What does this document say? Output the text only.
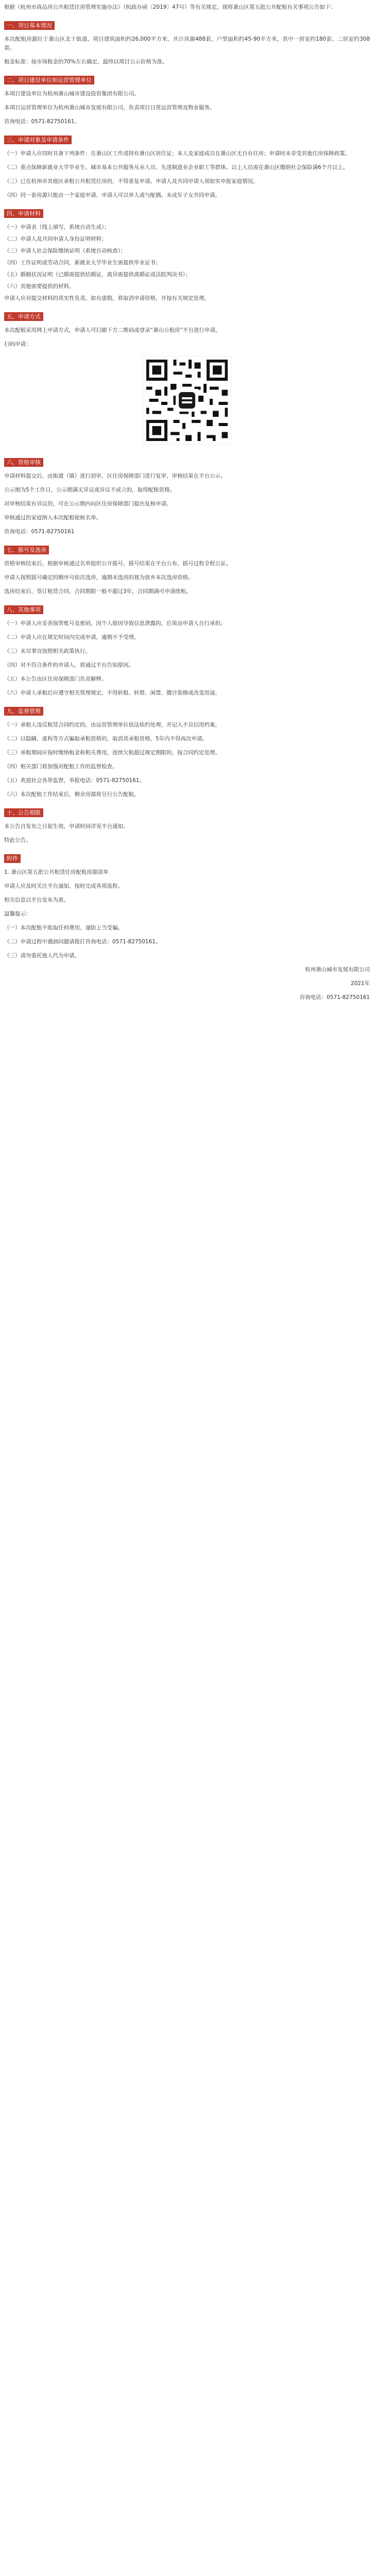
根据《杭州市商品房公共租赁住房管理实施办法》（杭政办函〔2019〕47号）等有关规定，现将萧山区第五批公开配租有关事项公告如下：

一、项目基本情况

本次配租房源位于萧山区北干街道，项目建筑面积约26,000平方米，共计房源488套，户型面积约45-90平方米，其中一居室约180套、二居室约308套。

租金标准：按市场租金的70%左右确定，最终以项目公示价格为准。

二、项目建设单位和运营管理单位

本项目建设单位为杭州萧山城市建设投资集团有限公司。

本项目运营管理单位为杭州萧山城市发展有限公司，负责项目日常运营管理及物业服务。

咨询电话：0571-82750161。

三、申请对象及申请条件

（一）申请人应同时具备下列条件：在萧山区工作或持有萧山区居住证；本人及家庭成员在萧山区无自有住房；申请时未享受其他住房保障政策。

（二）重点保障新就业大学毕业生、城市基本公共服务从业人员、先进制造业企业职工等群体。以上人员需在萧山区缴纳社会保险满6个月以上。

（三）已在杭州市其他区承租公共租赁住房的，不得重复申请。申请人及共同申请人须如实申报家庭情况。

（四）同一套房源只能由一个家庭申请，申请人可以单人或与配偶、未成年子女共同申请。

四、申请材料

（一）申请表（线上填写，系统自动生成）；

（二）申请人及共同申请人身份证明材料；

（三）申请人社会保险缴纳证明（系统自动核查）；

（四）工作证明或劳动合同，新就业大学毕业生需提供毕业证书；

（五）婚姻状况证明（已婚需提供结婚证，离异需提供离婚证或法院判决书）；

（六）其他需要提供的材料。

申请人应对提交材料的真实性负责，如有虚假，将取消申请资格，并按有关规定处理。

五、申请方式

本次配租采用网上申请方式，申请人可扫描下方二维码或登录“萧山公租房”平台进行申请。

扫码申请：

六、资格审核

申请材料提交后，由街道（镇）进行初审，区住房保障部门进行复审，审核结果在平台公示。

公示期为5个工作日，公示期满无异议或异议不成立的，取得配租资格。

对审核结果有异议的，可在公示期内向区住房保障部门提出复核申请。

审核通过的家庭纳入本次配租轮候名单。

咨询电话：0571-82750161

七、摇号及选房

资格审核结束后，根据审核通过名单组织公开摇号，摇号结果在平台公布，摇号过程全程公证。

申请人按照摇号确定的顺序号依次选房，逾期未选房的视为放弃本次选房资格。

选房结束后，签订租赁合同，合同期限一般不超过3年，合同期满可申请续租。

八、其他事项

（一）申请人应妥善保管账号及密码，因个人原因导致信息泄露的，后果由申请人自行承担。

（二）申请人应在规定时间内完成申请，逾期不予受理。

（三）未尽事宜按照相关政策执行。

（四）对不符合条件的申请人，将通过平台告知原因。

（五）本公告由区住房保障部门负责解释。

（六）申请人承租后应遵守相关管理规定，不得转租、转借、闲置、擅自装修或改变用途。

九、监督管理

（一）承租人违反租赁合同约定的，由运营管理单位依法依约处理，并记入不良信用档案。

（二）以隐瞒、虚构等方式骗取承租资格的，取消其承租资格，5年内不得再次申请。

（三）承租期间应按时缴纳租金和相关费用，连续欠租超过规定期限的，按合同约定处理。

（四）相关部门将加强对配租工作的监督检查。

（五）欢迎社会各界监督，举报电话：0571-82750161。

（六）本次配租工作结束后，剩余房源将另行公告配租。

十、公告期限

本公告自发布之日起生效，申请时间详见平台通知。

特此公告。

附件

1. 萧山区第五批公共租赁住房配租房源清单

申请人应及时关注平台通知，按时完成各项流程。

相关信息以平台发布为准。

温馨提示：

（一）本次配租不收取任何费用，谨防上当受骗。

（二）申请过程中遇到问题请拨打咨询电话：0571-82750161。

（三）请勿委托他人代为申请。

杭州萧山城市发展有限公司

2021年

咨询电话：0571-82750161
